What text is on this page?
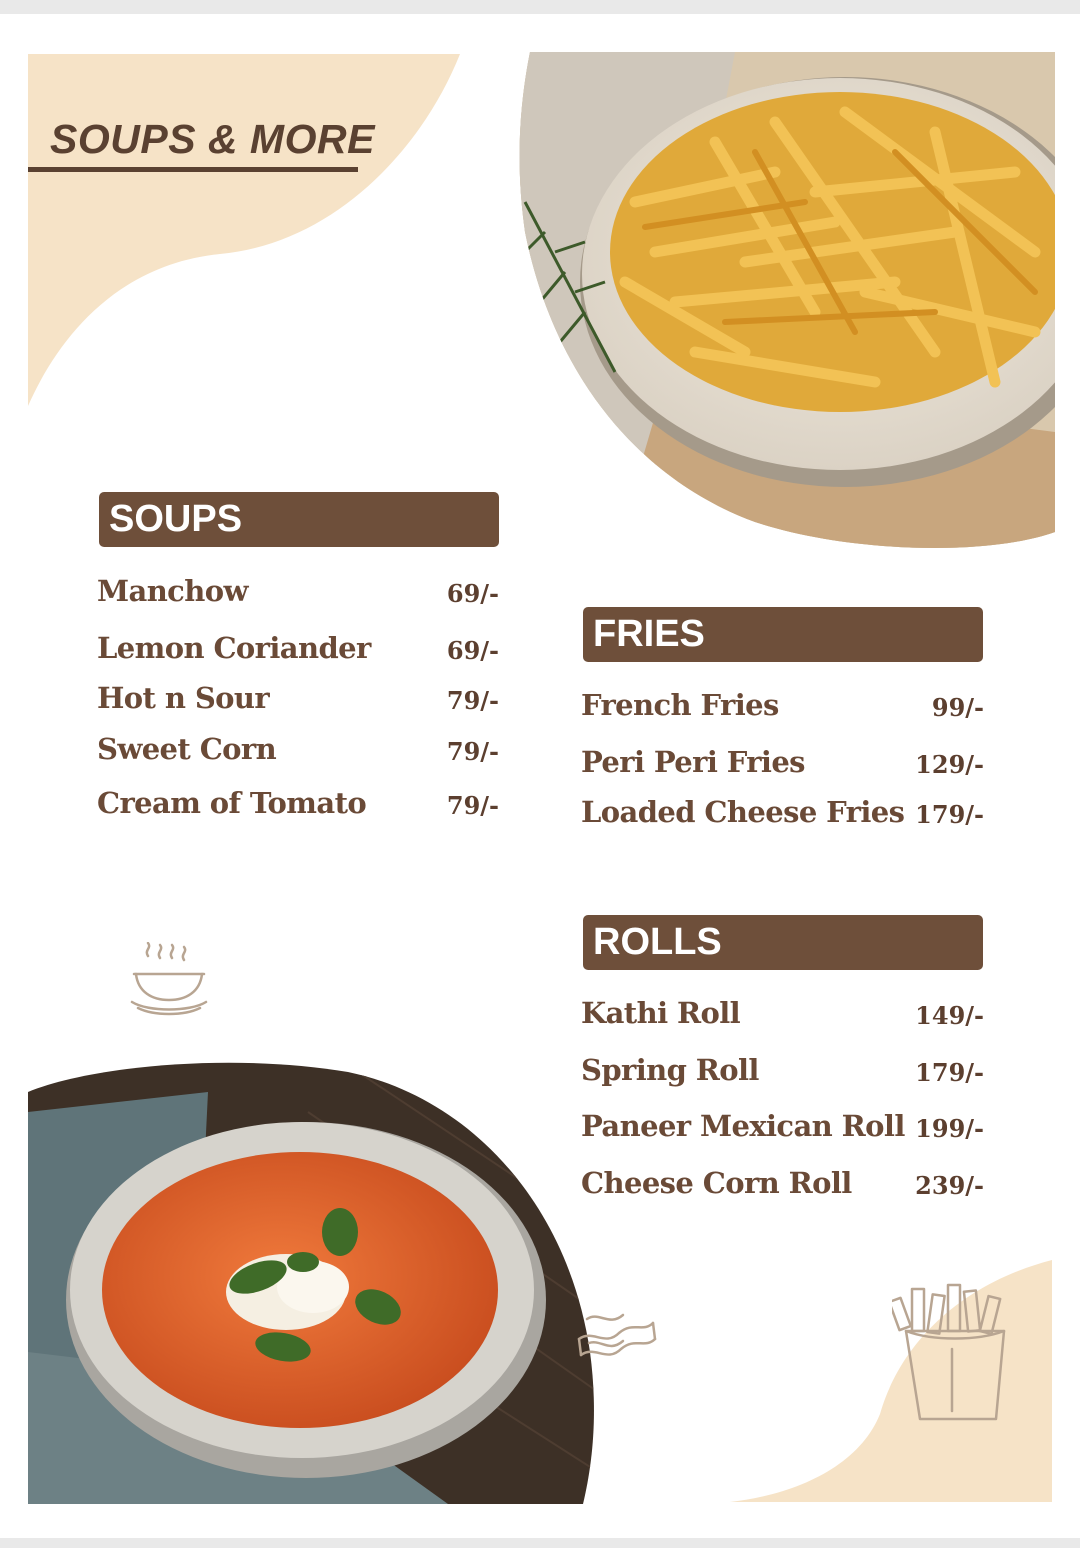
SOUPS & MORE
SOUPS
Manchow	69/-
Lemon Coriander	69/-
Hot n Sour	79/-
Sweet Corn	79/-
Cream of Tomato	79/-
FRIES
French Fries	99/-
Peri Peri Fries	129/-
Loaded Cheese Fries 179/-
ROLLS
Kathi Roll	149/-
Spring Roll	179/-
Paneer Mexican Roll 199/-
Cheese Corn Roll	239/-
